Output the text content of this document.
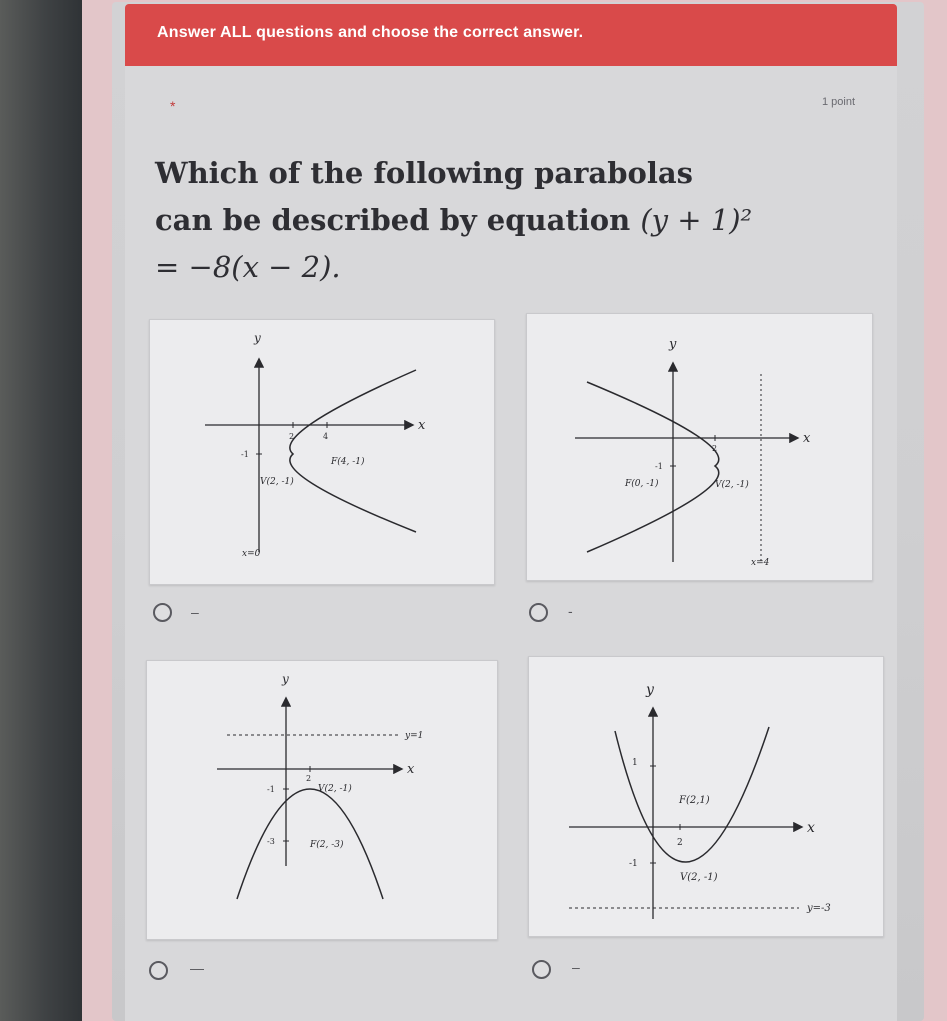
Answer ALL questions and choose the correct answer.
*	1 point
Which of the following parabolas can be described by equation (y + 1)² = −8(x − 2).
x
y
2	4
-1
F(4, -1)
V(2, -1)
x=0
x
y
2
-1
F(0, -1)	V(2, -1)
x=4
–	-
x
y
2
-1
-3
V(2, -1)
F(2, -3)
y=1
x
y
1
2
-1
F(2,1)
V(2, -1)
y=-3
—	–
